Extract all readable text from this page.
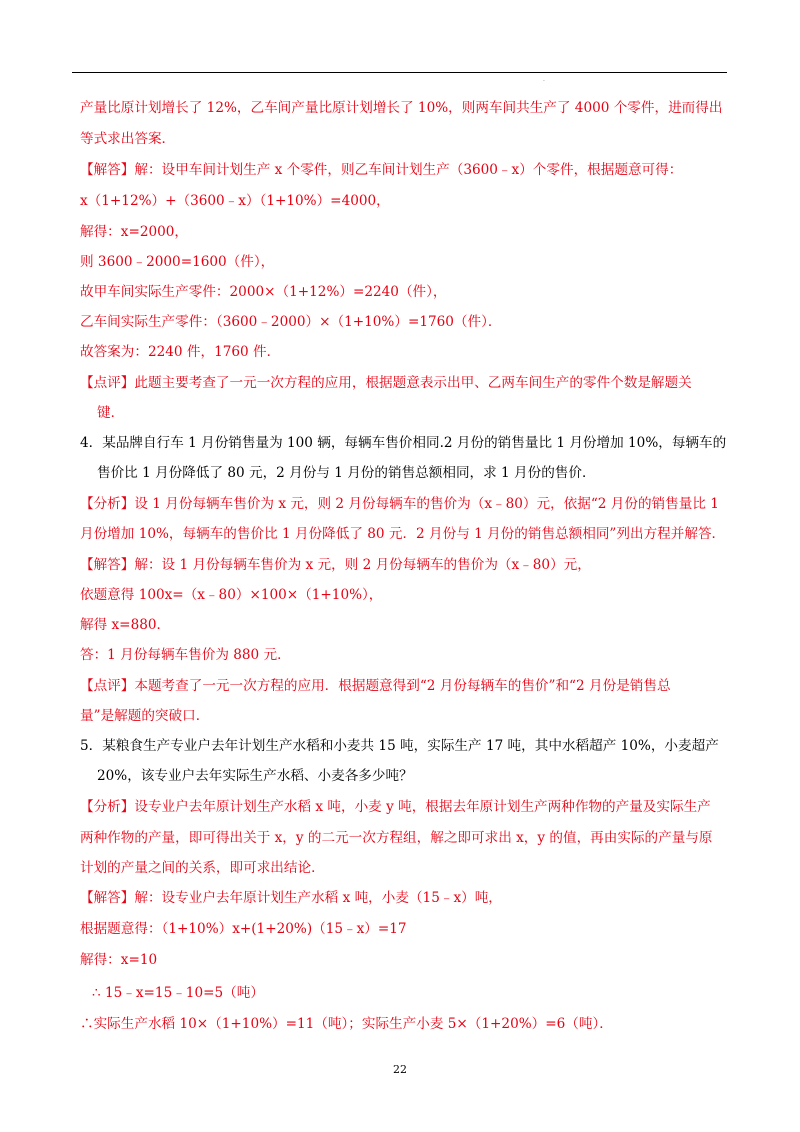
.
产量比原计划增长了 12%，乙车间产量比原计划增长了 10%，则两车间共生产了 4000 个零件，进而得出
等式求出答案．
【解答】解：设甲车间计划生产 x 个零件，则乙车间计划生产（3600﹣x）个零件，根据题意可得：
x（1+12%）+（3600﹣x）（1+10%）=4000，
解得：x=2000，
则 3600﹣2000=1600（件），
故甲车间实际生产零件：2000×（1+12%）=2240（件），
乙车间实际生产零件：（3600﹣2000）×（1+10%）=1760（件）．
故答案为：2240 件，1760 件．
【点评】此题主要考查了一元一次方程的应用，根据题意表示出甲、乙两车间生产的零件个数是解题关
键．
4．某品牌自行车 1 月份销售量为 100 辆，每辆车售价相同.2 月份的销售量比 1 月份增加 10%，每辆车的
售价比 1 月份降低了 80 元，2 月份与 1 月份的销售总额相同，求 1 月份的售价．
【分析】设 1 月份每辆车售价为 x 元，则 2 月份每辆车的售价为（x﹣80）元，依据“2 月份的销售量比 1
月份增加 10%，每辆车的售价比 1 月份降低了 80 元．2 月份与 1 月份的销售总额相同”列出方程并解答．
【解答】解：设 1 月份每辆车售价为 x 元，则 2 月份每辆车的售价为（x﹣80）元，
依题意得 100x=（x﹣80）×100×（1+10%），
解得 x=880．
答：1 月份每辆车售价为 880 元．
【点评】本题考查了一元一次方程的应用．根据题意得到“2 月份每辆车的售价”和“2 月份是销售总
量”是解题的突破口．
5．某粮食生产专业户去年计划生产水稻和小麦共 15 吨，实际生产 17 吨，其中水稻超产 10%，小麦超产
20%，该专业户去年实际生产水稻、小麦各多少吨？
【分析】设专业户去年原计划生产水稻 x 吨，小麦 y 吨，根据去年原计划生产两种作物的产量及实际生产
两种作物的产量，即可得出关于 x，y 的二元一次方程组，解之即可求出 x，y 的值，再由实际的产量与原
计划的产量之间的关系，即可求出结论．
【解答】解：设专业户去年原计划生产水稻 x 吨，小麦（15﹣x）吨，
根据题意得：（1+10%）x+(1+20%)（15﹣x）=17
解得：x=10
∴ 15﹣x=15﹣10=5（吨）
∴实际生产水稻 10×（1+10%）=11（吨）；实际生产小麦 5×（1+20%）=6（吨）．
22
